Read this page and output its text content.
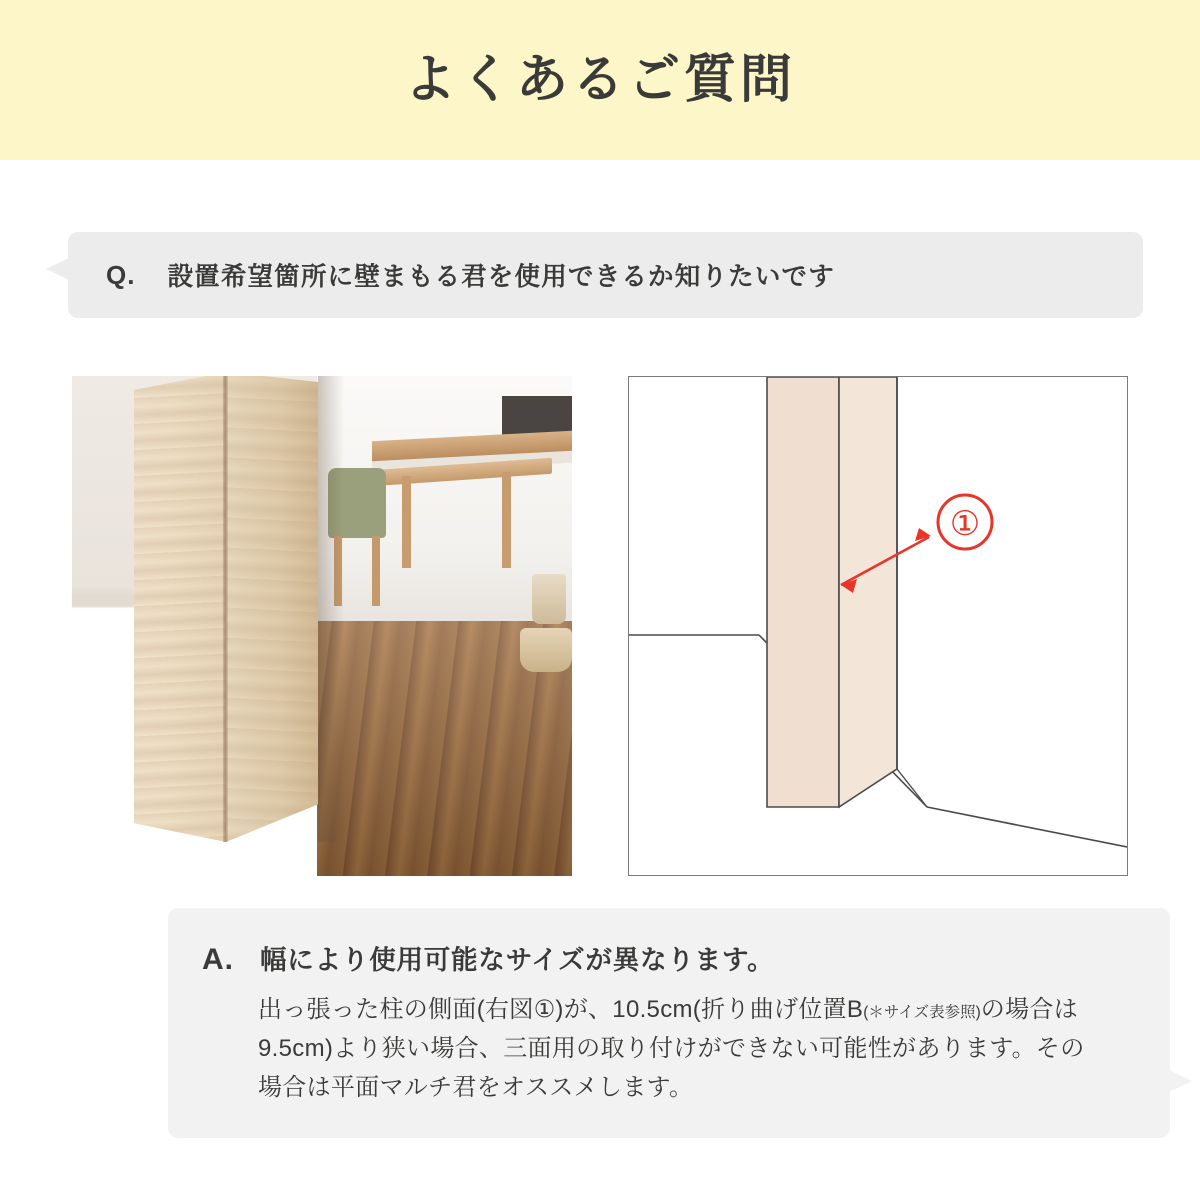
よくあるご質問
Q. 設置希望箇所に壁まもる君を使用できるか知りたいです
①
A. 幅により使用可能なサイズが異なります。
出っ張った柱の側面(右図①)が、10.5cm(折り曲げ位置B(＊サイズ表参照)の場合は 9.5cm)より狭い場合、三面用の取り付けができない可能性があります。その場合は平面マルチ君をオススメします。
